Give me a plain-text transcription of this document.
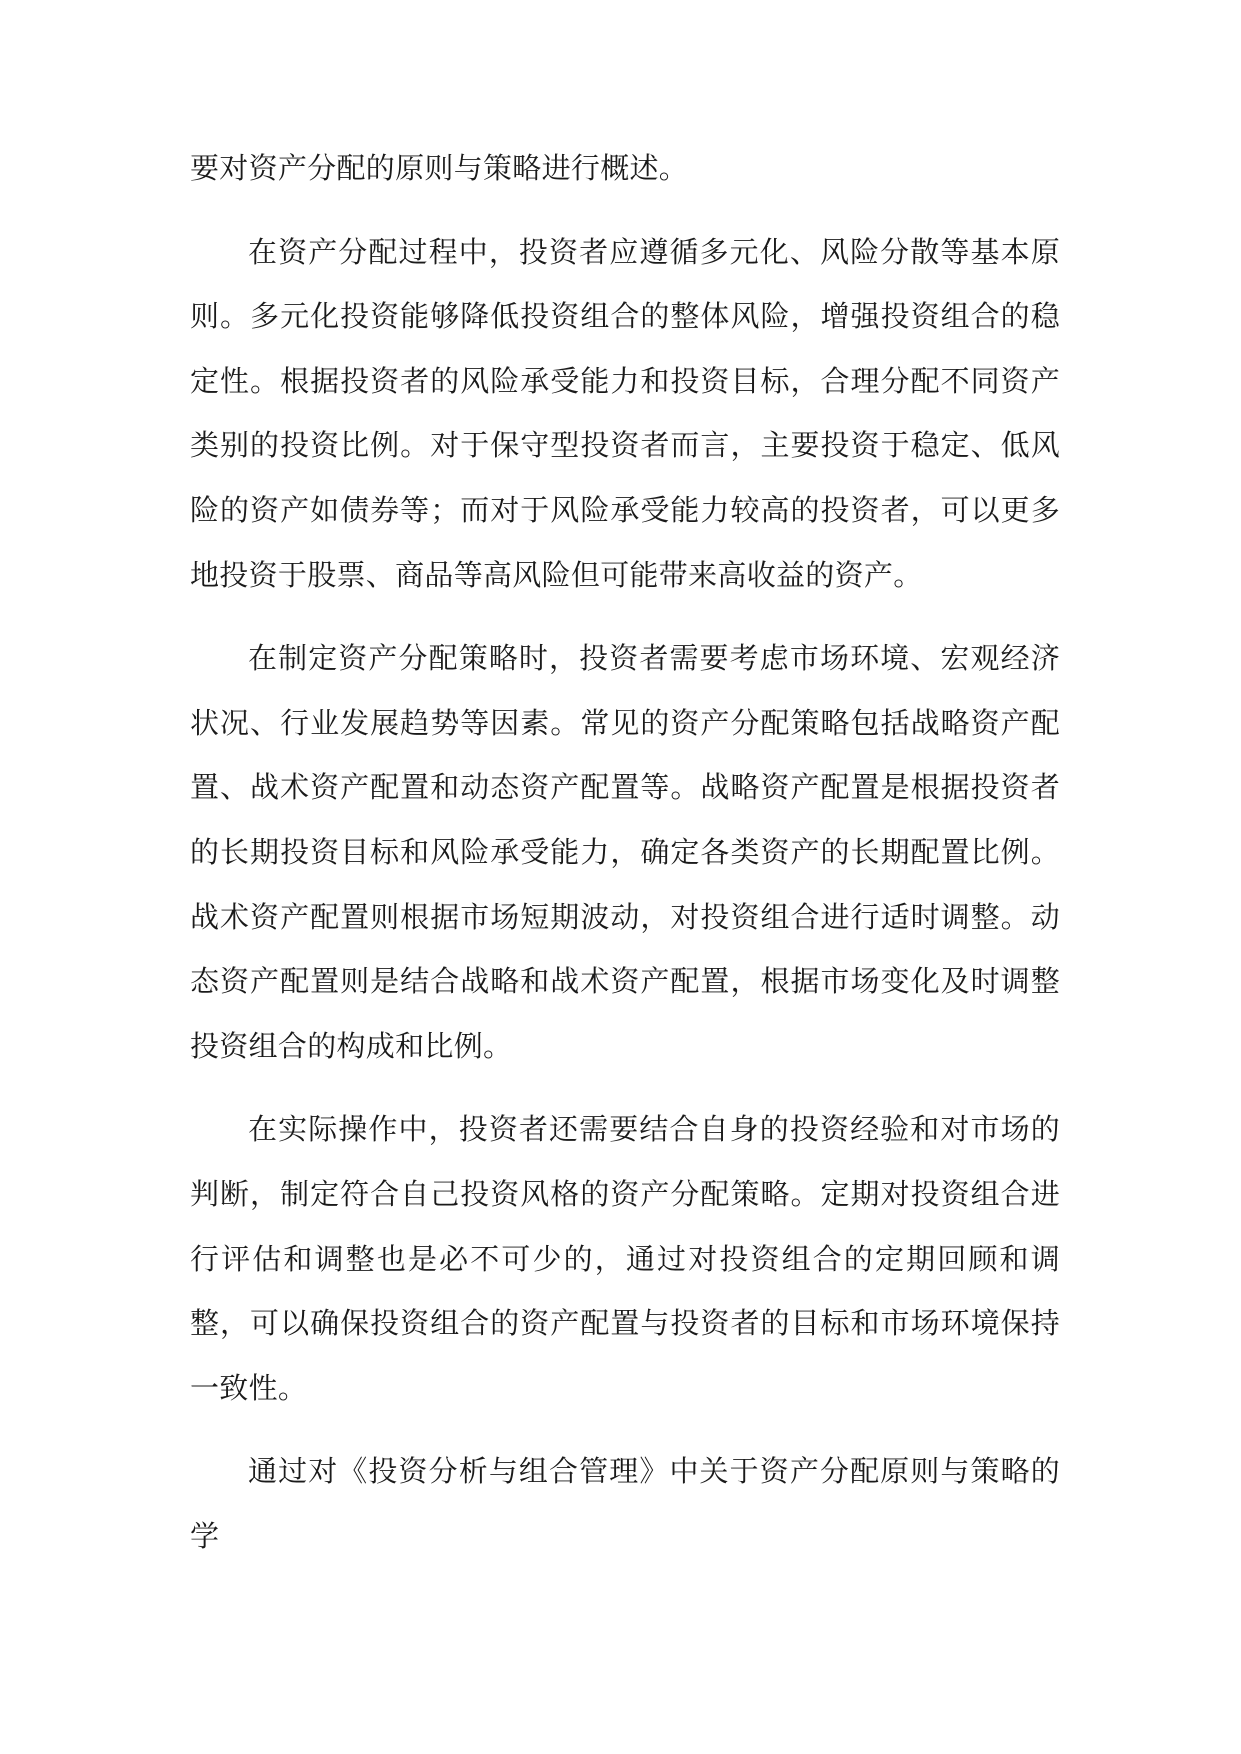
要对资产分配的原则与策略进行概述。

在资产分配过程中，投资者应遵循多元化、风险分散等基本原则。多元化投资能够降低投资组合的整体风险，增强投资组合的稳定性。根据投资者的风险承受能力和投资目标，合理分配不同资产类别的投资比例。对于保守型投资者而言，主要投资于稳定、低风险的资产如债券等；而对于风险承受能力较高的投资者，可以更多地投资于股票、商品等高风险但可能带来高收益的资产。

在制定资产分配策略时，投资者需要考虑市场环境、宏观经济状况、行业发展趋势等因素。常见的资产分配策略包括战略资产配置、战术资产配置和动态资产配置等。战略资产配置是根据投资者的长期投资目标和风险承受能力，确定各类资产的长期配置比例。战术资产配置则根据市场短期波动，对投资组合进行适时调整。动态资产配置则是结合战略和战术资产配置，根据市场变化及时调整投资组合的构成和比例。

在实际操作中，投资者还需要结合自身的投资经验和对市场的判断，制定符合自己投资风格的资产分配策略。定期对投资组合进行评估和调整也是必不可少的，通过对投资组合的定期回顾和调整，可以确保投资组合的资产配置与投资者的目标和市场环境保持一致性。

通过对《投资分析与组合管理》中关于资产分配原则与策略的学
